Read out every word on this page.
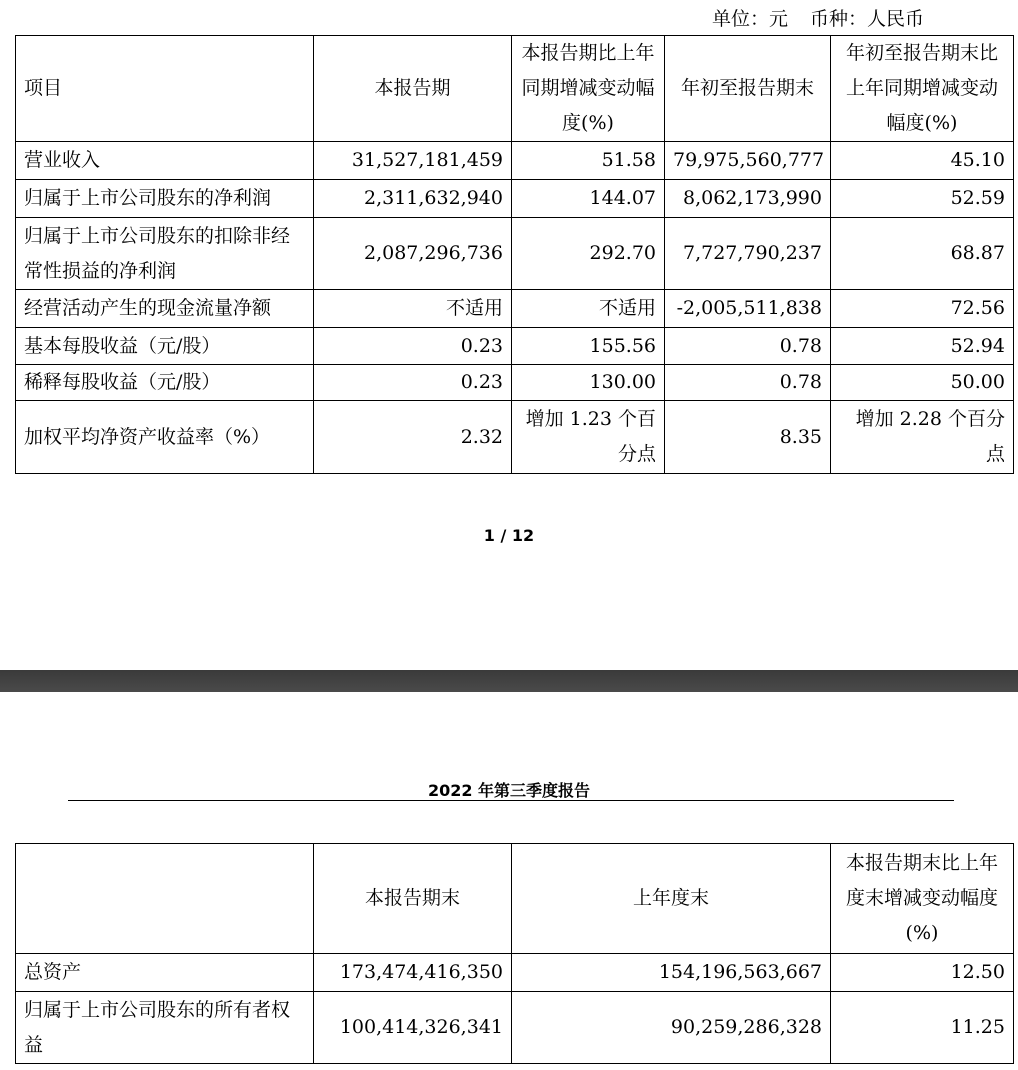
单位：元 币种：人民币
项目	本报告期	本报告期比上年同期增减变动幅度(%)	年初至报告期末	年初至报告期末比上年同期增减变动幅度(%)
营业收入	31,527,181,459	51.58	79,975,560,777	45.10
归属于上市公司股东的净利润	2,311,632,940	144.07	8,062,173,990	52.59
归属于上市公司股东的扣除非经常性损益的净利润	2,087,296,736	292.70	7,727,790,237	68.87
经营活动产生的现金流量净额	不适用	不适用	-2,005,511,838	72.56
基本每股收益（元/股）	0.23	155.56	0.78	52.94
稀释每股收益（元/股）	0.23	130.00	0.78	50.00
加权平均净资产收益率（%）	2.32	增加 1.23 个百分点	8.35	增加 2.28 个百分点
1 / 12
2022 年第三季度报告
	本报告期末	上年度末	本报告期末比上年度末增减变动幅度(%)
总资产	173,474,416,350	154,196,563,667	12.50
归属于上市公司股东的所有者权益	100,414,326,341	90,259,286,328	11.25
